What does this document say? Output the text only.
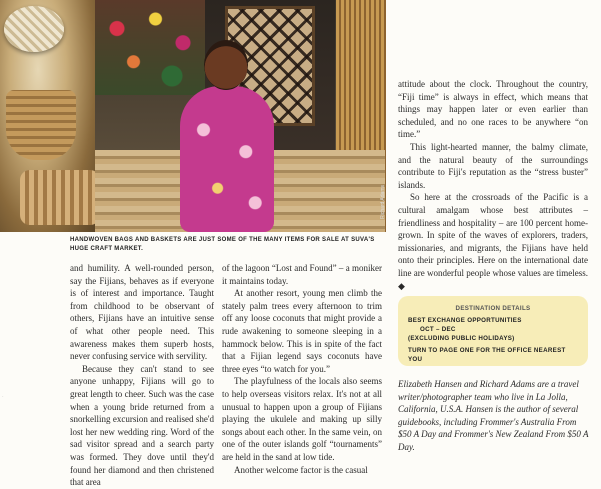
Richard Adams
HANDWOVEN BAGS AND BASKETS ARE JUST SOME OF THE MANY ITEMS FOR SALE AT SUVA'S HUGE CRAFT MARKET.
·

and humility. A well-rounded person, say the Fijians, behaves as if everyone is of interest and importance. Taught from childhood to be observant of others, Fijians have an intuitive sense of what other people need. This awareness makes them superb hosts, never confusing service with servility.

Because they can't stand to see anyone unhappy, Fijians will go to great length to cheer. Such was the case when a young bride returned from a snorkelling excursion and realised she'd lost her new wedding ring. Word of the sad visitor spread and a search party was formed. They dove until they'd found her diamond and then christened that area

of the lagoon “Lost and Found” – a moniker it maintains today.

At another resort, young men climb the stately palm trees every afternoon to trim off any loose coconuts that might provide a rude awakening to someone sleeping in a hammock below. This is in spite of the fact that a Fijian legend says coconuts have three eyes “to watch for you.”

The playfulness of the locals also seems to help overseas visitors relax. It's not at all unusual to happen upon a group of Fijians playing the ukulele and making up silly songs about each other. In the same vein, on one of the outer islands golf “tournaments” are held in the sand at low tide.

Another welcome factor is the casual

attitude about the clock. Throughout the country, “Fiji time” is always in effect, which means that things may happen later or even earlier than scheduled, and no one races to be anywhere “on time.”

This light-hearted manner, the balmy climate, and the natural beauty of the surroundings contribute to Fiji's reputation as the “stress buster” islands.

So here at the crossroads of the Pacific is a cultural amalgam whose best attributes – friendliness and hospitality – are 100 percent home-grown. In spite of the waves of explorers, traders, missionaries, and migrants, the Fijians have held onto their principles. Here on the international date line are wonderful people whose values are timeless. ◆

DESTINATION DETAILS
BEST EXCHANGE OPPORTUNITIES
OCT – DEC
(EXCLUDING PUBLIC HOLIDAYS)
TURN TO PAGE ONE FOR THE OFFICE NEAREST YOU
Elizabeth Hansen and Richard Adams are a travel writer/photographer team who live in La Jolla, California, U.S.A. Hansen is the author of several guidebooks, including Frommer's Australia From $50 A Day and Frommer's New Zealand From $50 A Day.
